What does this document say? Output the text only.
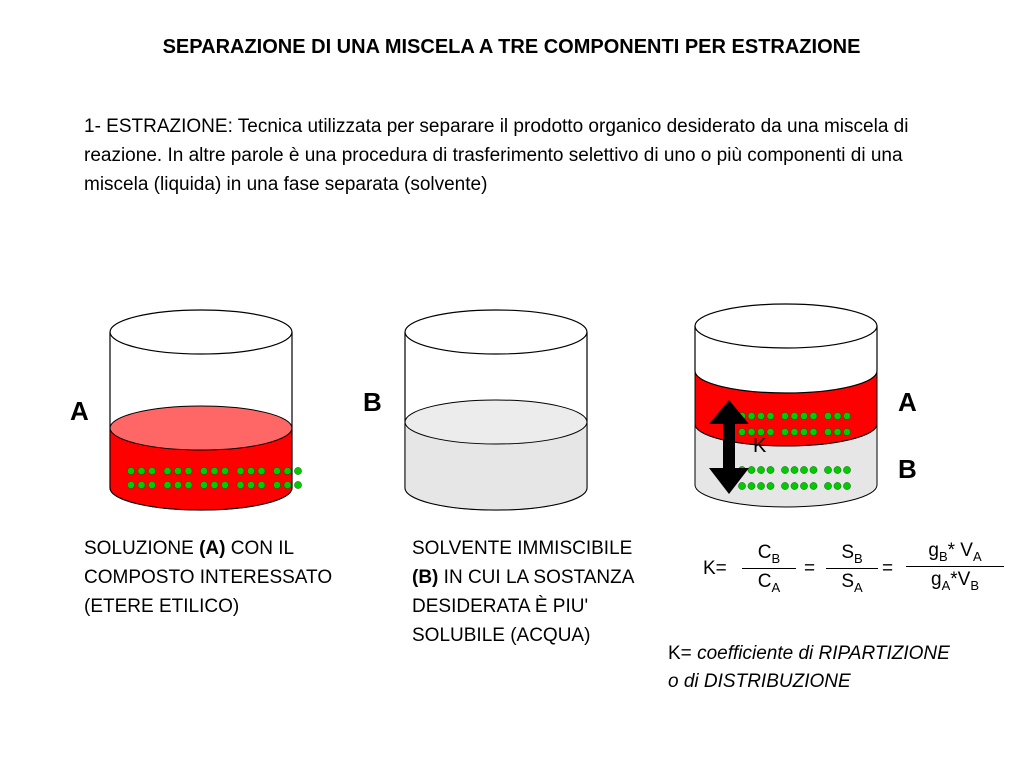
SEPARAZIONE DI UNA MISCELA A TRE COMPONENTI PER ESTRAZIONE
1- ESTRAZIONE: Tecnica utilizzata per separare il prodotto organico desiderato da una miscela di reazione. In altre parole è una procedura di trasferimento selettivo di uno o più componenti di una miscela (liquida) in una fase separata (solvente)
K
A	B	A
B
SOLUZIONE (A) CON IL COMPOSTO INTERESSATO (ETERE ETILICO)
SOLVENTE IMMISCIBILE (B) IN CUI LA SOSTANZA DESIDERATA È PIU' SOLUBILE (ACQUA)
K=
$C_B$
$C_A$
=
$S_B$
$S_A$
=
$g_B*$ $V_A$
$g_A*V_B$
K= coefficiente di RIPARTIZIONE
o di DISTRIBUZIONE
